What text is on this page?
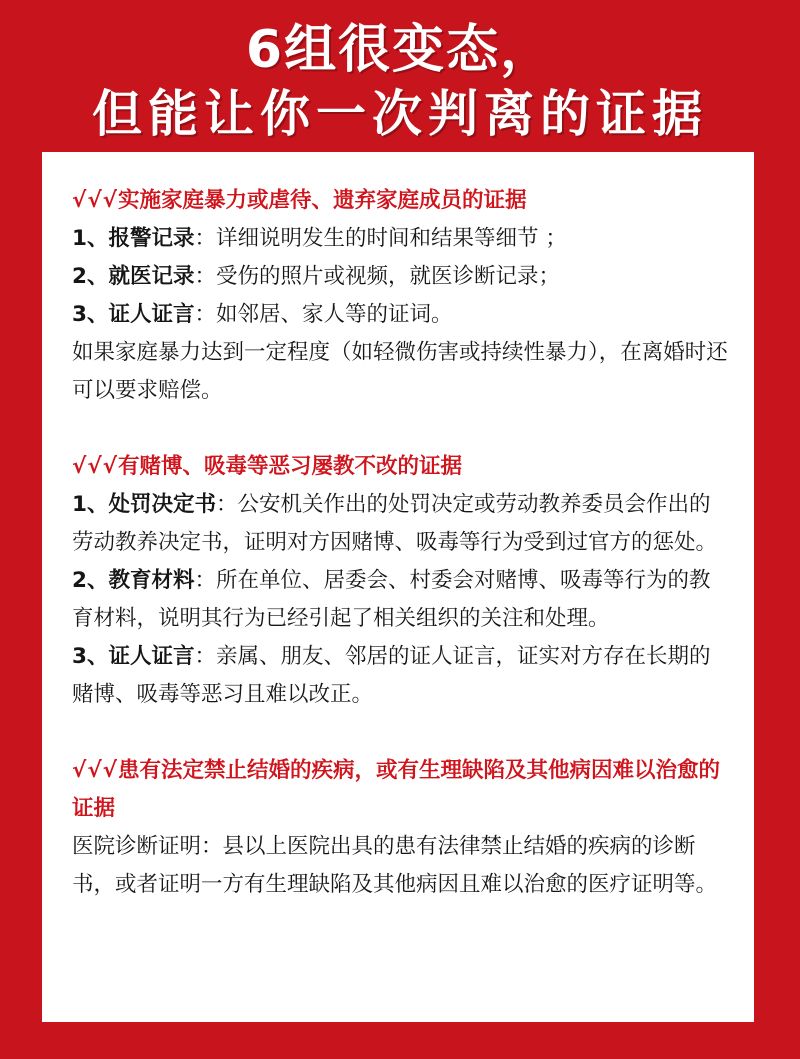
6组很变态，
但能让你一次判离的证据
√√√实施家庭暴力或虐待、遗弃家庭成员的证据
1、报警记录：详细说明发生的时间和结果等细节 ；
2、就医记录：受伤的照片或视频，就医诊断记录；
3、证人证言：如邻居、家人等的证词。
如果家庭暴力达到一定程度（如轻微伤害或持续性暴力），在离婚时还可以要求赔偿。
√√√有赌博、吸毒等恶习屡教不改的证据
1、处罚决定书：公安机关作出的处罚决定或劳动教养委员会作出的劳动教养决定书，证明对方因赌博、吸毒等行为受到过官方的惩处。
2、教育材料：所在单位、居委会、村委会对赌博、吸毒等行为的教育材料，说明其行为已经引起了相关组织的关注和处理。
3、证人证言：亲属、朋友、邻居的证人证言，证实对方存在长期的赌博、吸毒等恶习且难以改正。
√√√患有法定禁止结婚的疾病，或有生理缺陷及其他病因难以治愈的证据
医院诊断证明：县以上医院出具的患有法律禁止结婚的疾病的诊断书，或者证明一方有生理缺陷及其他病因且难以治愈的医疗证明等。
